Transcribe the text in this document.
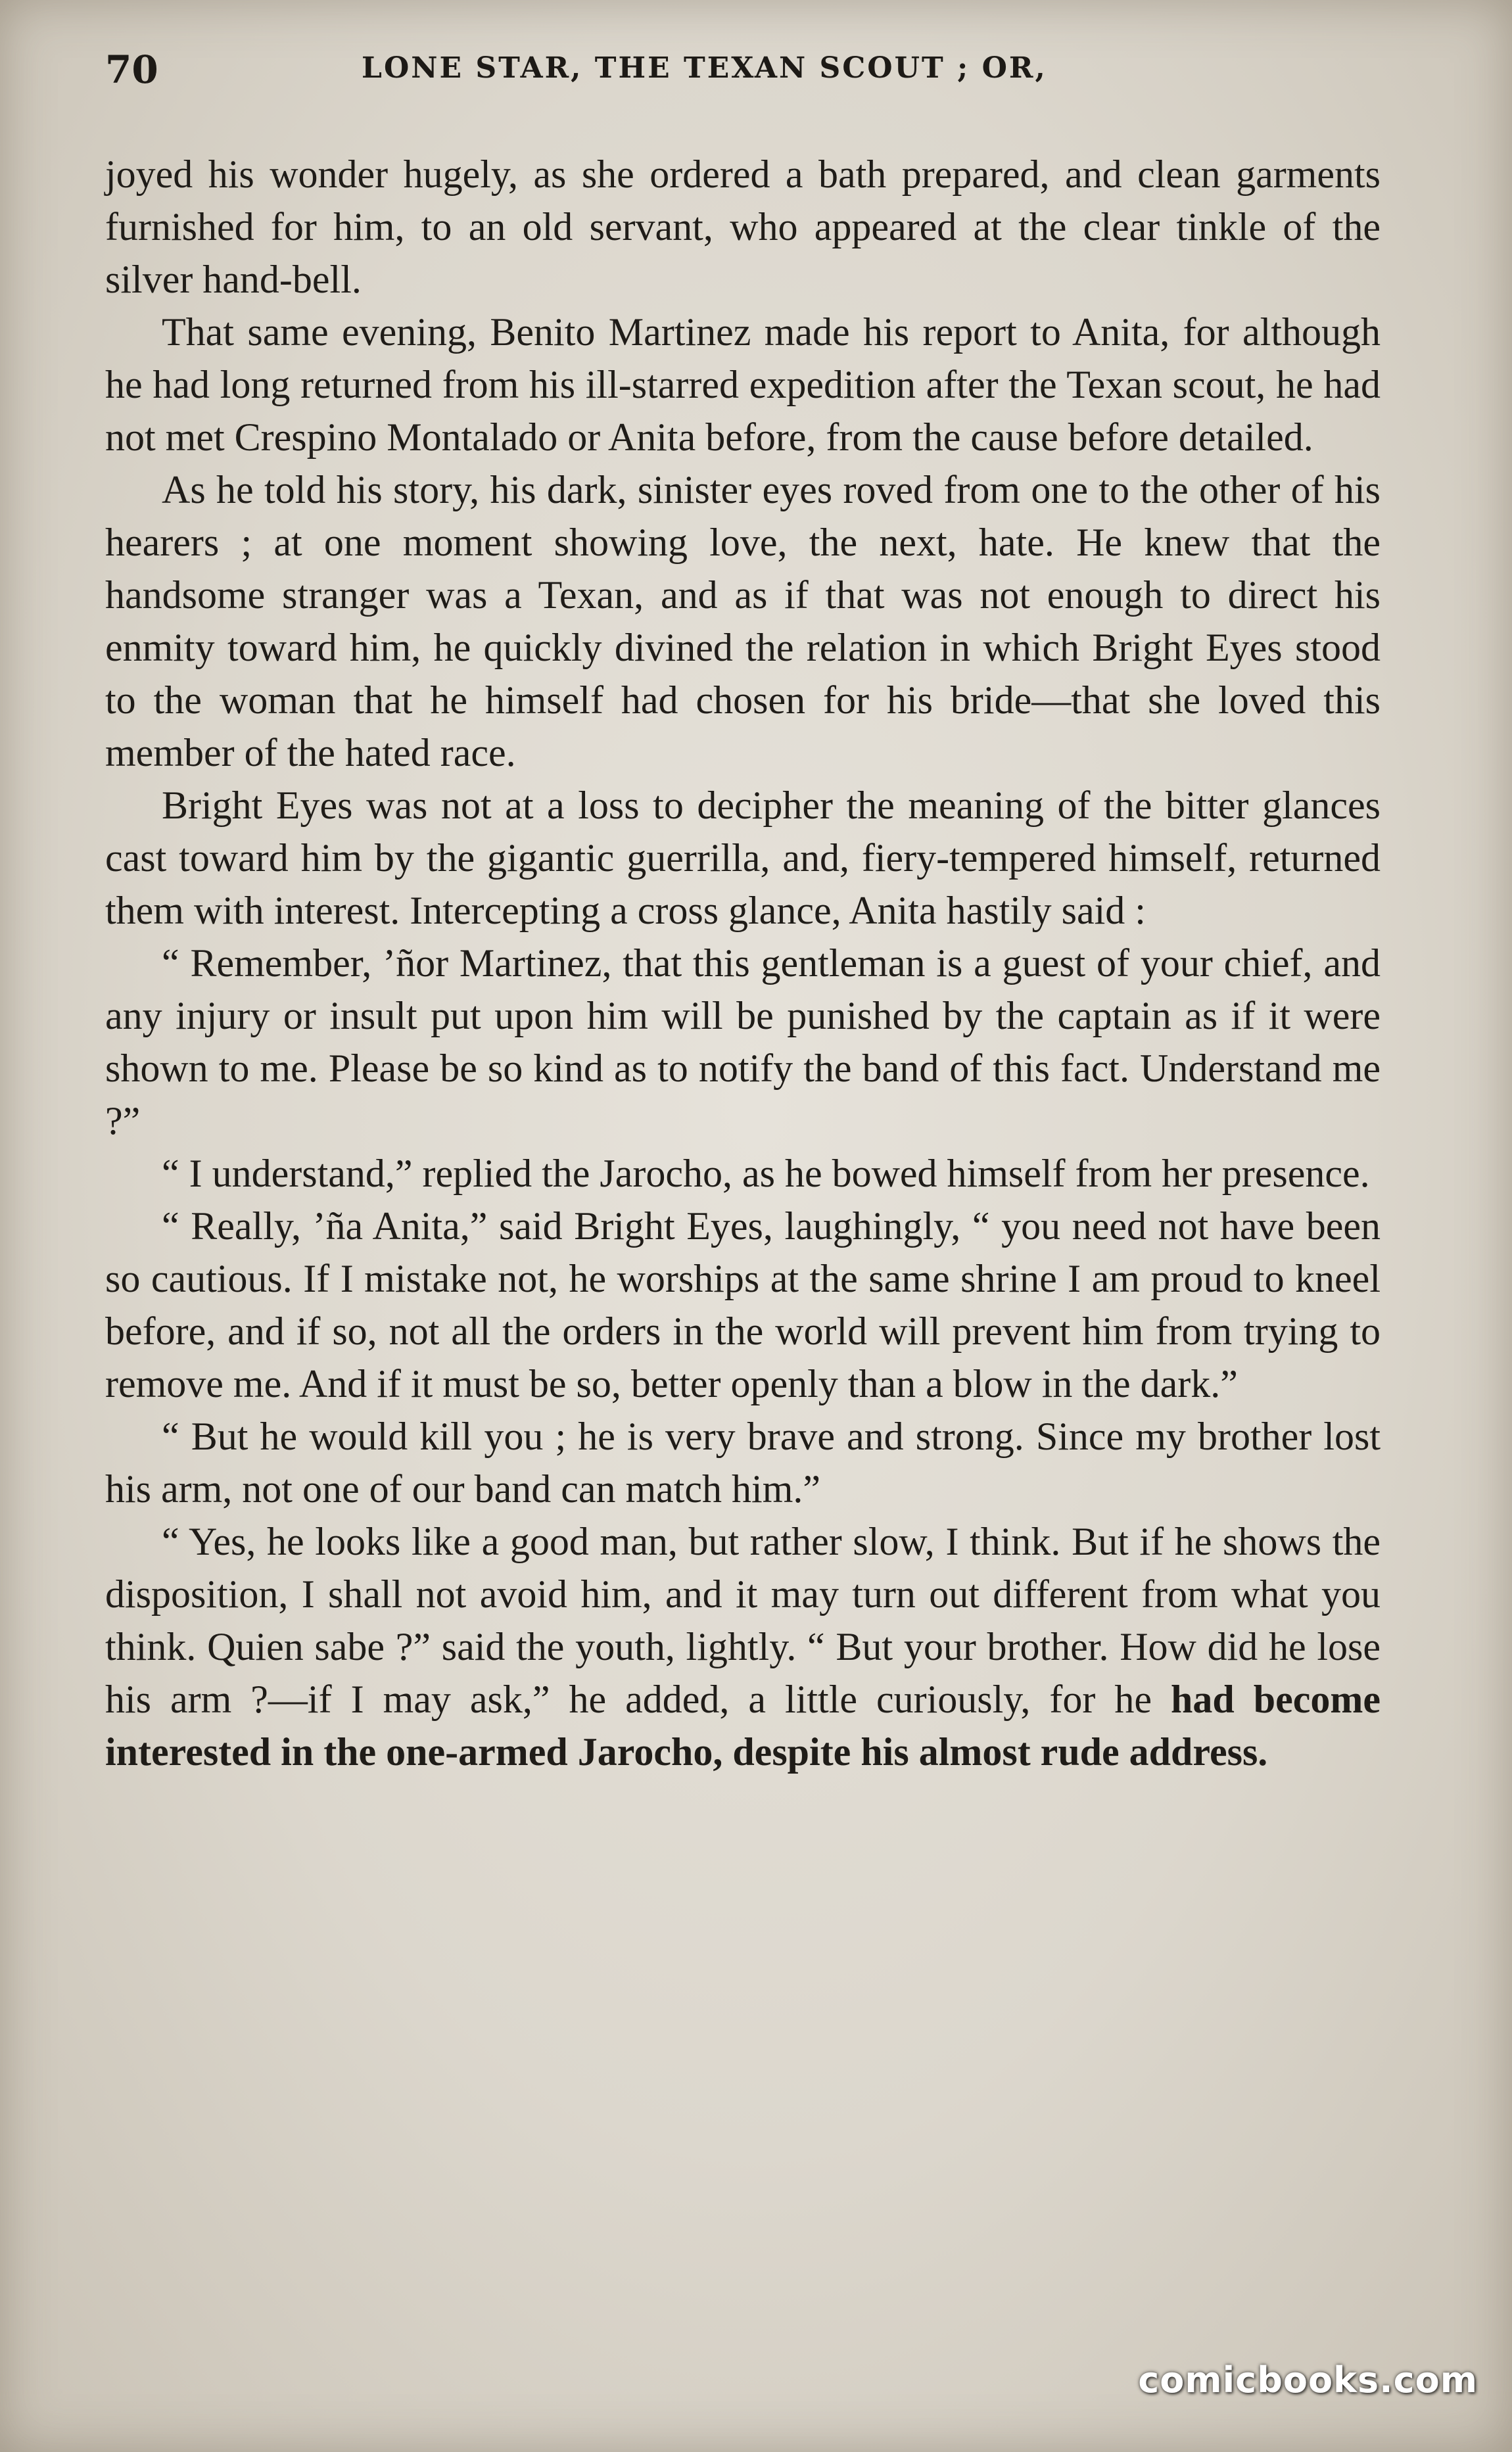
70	LONE STAR, THE TEXAN SCOUT ; OR,

joyed his wonder hugely, as she ordered a bath prepared, and clean garments furnished for him, to an old servant, who appeared at the clear tinkle of the silver hand-bell.

That same evening, Benito Martinez made his report to Anita, for although he had long returned from his ill-starred expedition after the Texan scout, he had not met Crespino Montalado or Anita before, from the cause before detailed.

As he told his story, his dark, sinister eyes roved from one to the other of his hearers ; at one moment showing love, the next, hate. He knew that the handsome stranger was a Texan, and as if that was not enough to direct his enmity toward him, he quickly divined the relation in which Bright Eyes stood to the woman that he himself had chosen for his bride—that she loved this member of the hated race.

Bright Eyes was not at a loss to decipher the meaning of the bitter glances cast toward him by the gigantic guerrilla, and, fiery-tempered himself, returned them with interest. Intercepting a cross glance, Anita hastily said :

“ Remember, ’ñor Martinez, that this gentleman is a guest of your chief, and any injury or insult put upon him will be punished by the captain as if it were shown to me. Please be so kind as to notify the band of this fact. Understand me ?”

“ I understand,” replied the Jarocho, as he bowed himself from her presence.

“ Really, ’ña Anita,” said Bright Eyes, laughingly, “ you need not have been so cautious. If I mistake not, he worships at the same shrine I am proud to kneel before, and if so, not all the orders in the world will prevent him from trying to remove me. And if it must be so, better openly than a blow in the dark.”

“ But he would kill you ; he is very brave and strong. Since my brother lost his arm, not one of our band can match him.”

“ Yes, he looks like a good man, but rather slow, I think. But if he shows the disposition, I shall not avoid him, and it may turn out different from what you think. Quien sabe ?” said the youth, lightly. “ But your brother. How did he lose his arm ?—if I may ask,” he added, a little curiously, for he had become interested in the one-armed Jarocho, despite his almost rude address.

comicbooks.com
